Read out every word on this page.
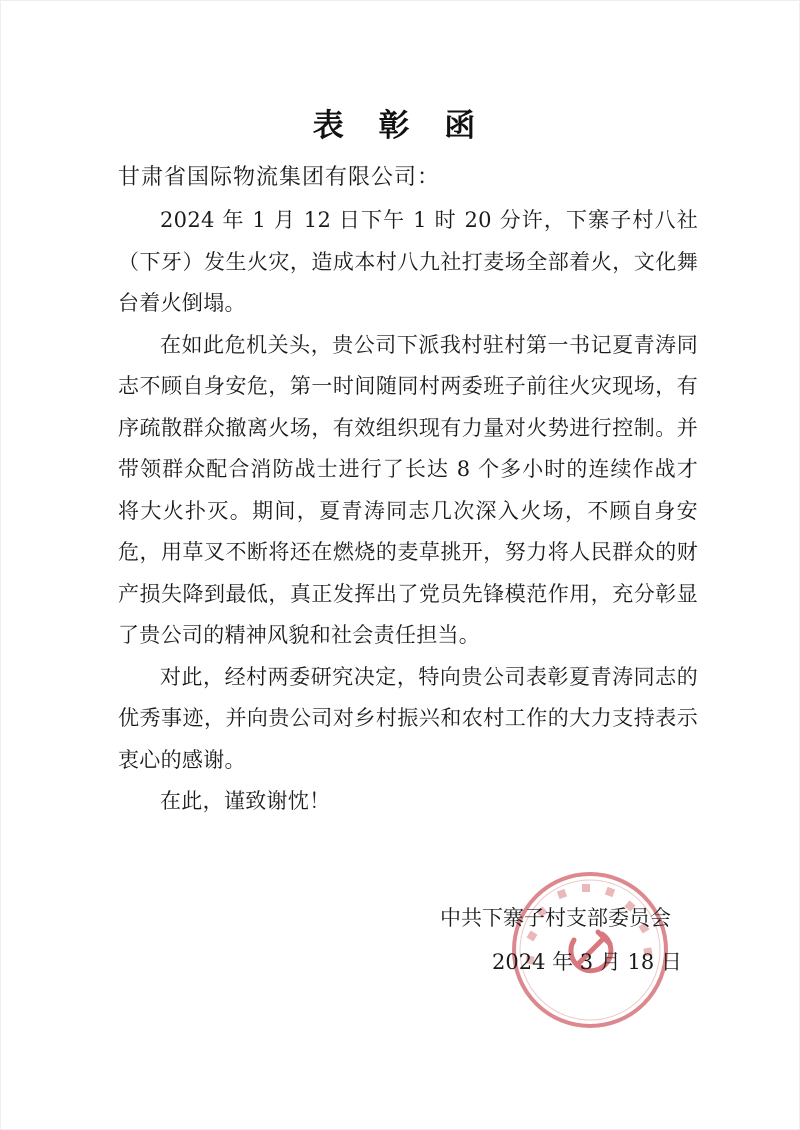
表 彰 函
甘肃省国际物流集团有限公司：

2024 年 1 月 12 日下午 1 时 20 分许，下寨子村八社（下牙）发生火灾，造成本村八九社打麦场全部着火，文化舞台着火倒塌。

在如此危机关头，贵公司下派我村驻村第一书记夏青涛同志不顾自身安危，第一时间随同村两委班子前往火灾现场，有序疏散群众撤离火场，有效组织现有力量对火势进行控制。并带领群众配合消防战士进行了长达 8 个多小时的连续作战才将大火扑灭。期间，夏青涛同志几次深入火场，不顾自身安危，用草叉不断将还在燃烧的麦草挑开，努力将人民群众的财产损失降到最低，真正发挥出了党员先锋模范作用，充分彰显了贵公司的精神风貌和社会责任担当。

对此，经村两委研究决定，特向贵公司表彰夏青涛同志的优秀事迹，并向贵公司对乡村振兴和农村工作的大力支持表示衷心的感谢。

在此，谨致谢忱！

中共下寨子村支部委员会
2024 年 3 月 18 日
